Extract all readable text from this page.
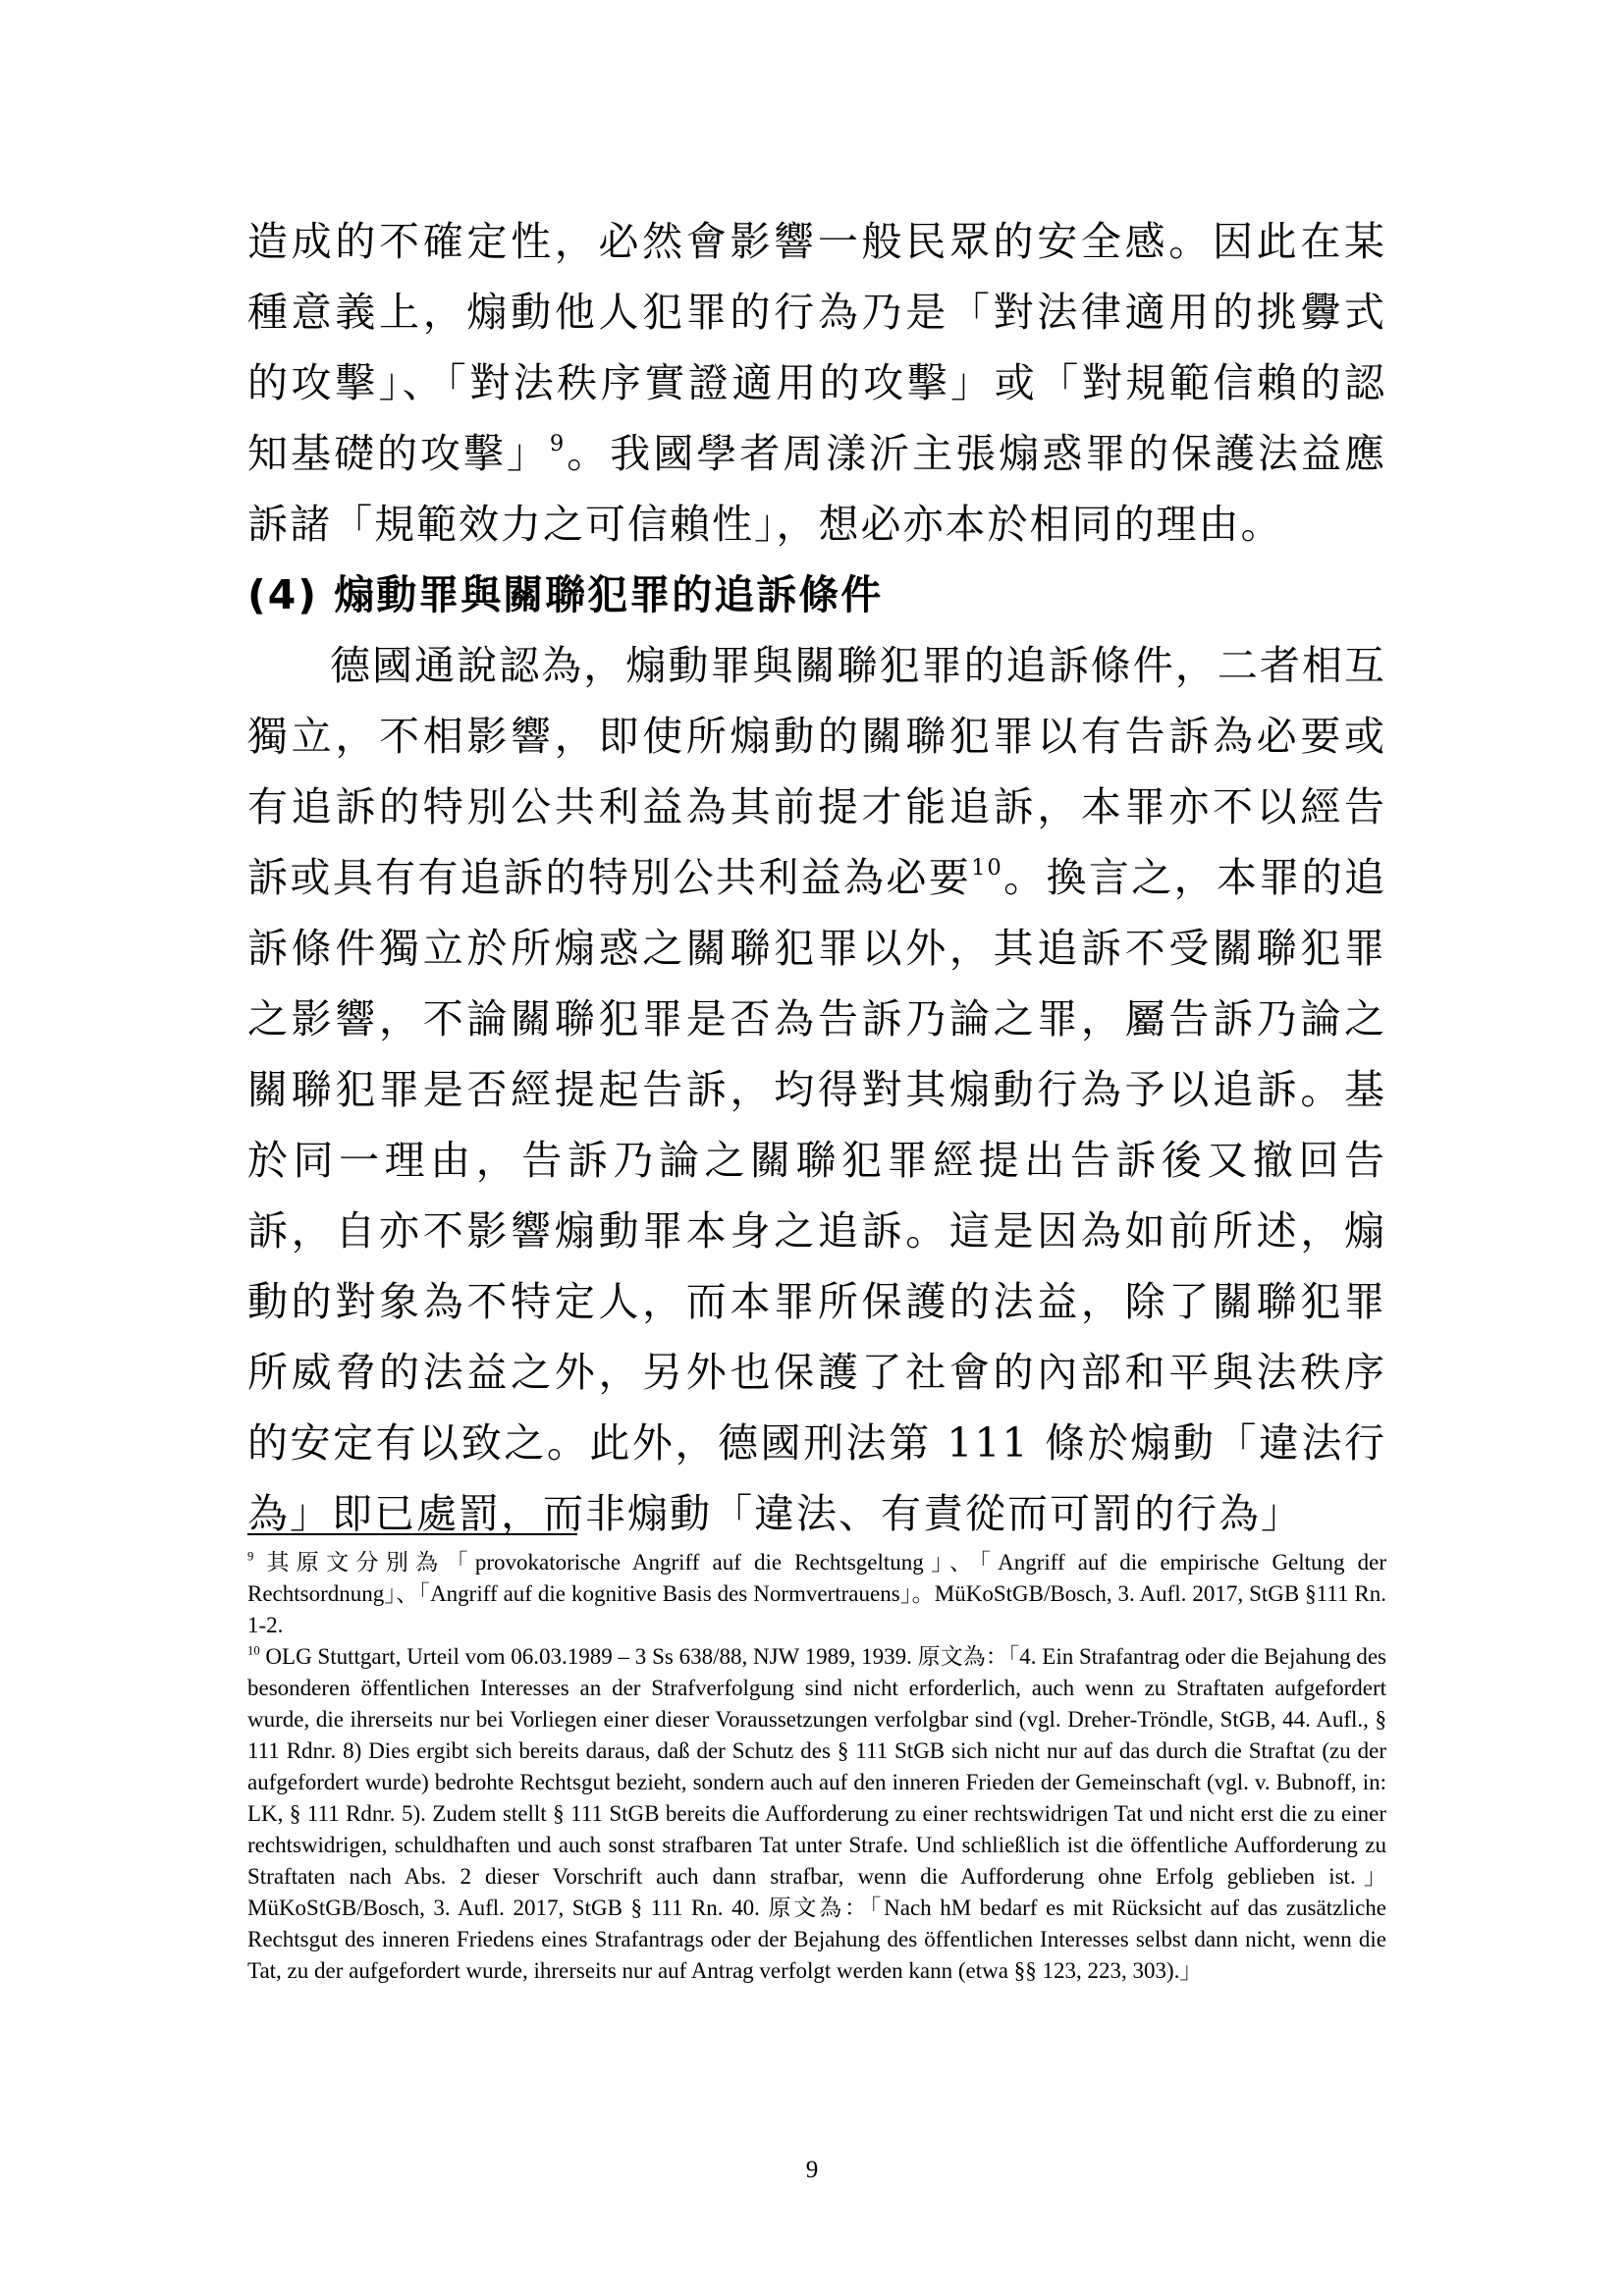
造成的不確定性，必然會影響一般民眾的安全感。因此在某種意義上，煽動他人犯罪的行為乃是「對法律適用的挑釁式的攻擊」、「對法秩序實證適用的攻擊」或「對規範信賴的認知基礎的攻擊」$^9$。我國學者周漾沂主張煽惑罪的保護法益應訴諸「規範效力之可信賴性」，想必亦本於相同的理由。

(4) 煽動罪與關聯犯罪的追訴條件

德國通說認為，煽動罪與關聯犯罪的追訴條件，二者相互獨立，不相影響，即使所煽動的關聯犯罪以有告訴為必要或有追訴的特別公共利益為其前提才能追訴，本罪亦不以經告訴或具有有追訴的特別公共利益為必要$^{10}$。換言之，本罪的追訴條件獨立於所煽惑之關聯犯罪以外，其追訴不受關聯犯罪之影響，不論關聯犯罪是否為告訴乃論之罪，屬告訴乃論之關聯犯罪是否經提起告訴，均得對其煽動行為予以追訴。基於同一理由，告訴乃論之關聯犯罪經提出告訴後又撤回告訴，自亦不影響煽動罪本身之追訴。這是因為如前所述，煽動的對象為不特定人，而本罪所保護的法益，除了關聯犯罪所威脅的法益之外，另外也保護了社會的內部和平與法秩序的安定有以致之。此外，德國刑法第 111 條於煽動「違法行為」即已處罰，而非煽動「違法、有責從而可罰的行為」

$^9$ 其原文分別為「provokatorische Angriff auf die Rechtsgeltung」、「Angriff auf die empirische Geltung der Rechtsordnung」、「Angriff auf die kognitive Basis des Normvertrauens」。MüKoStGB/Bosch, 3. Aufl. 2017, StGB §111 Rn. 1-2.

$^{10}$ OLG Stuttgart, Urteil vom 06.03.1989 – 3 Ss 638/88, NJW 1989, 1939. 原文為：「4. Ein Strafantrag oder die Bejahung des besonderen öffentlichen Interesses an der Strafverfolgung sind nicht erforderlich, auch wenn zu Straftaten aufgefordert wurde, die ihrerseits nur bei Vorliegen einer dieser Voraussetzungen verfolgbar sind (vgl. Dreher-Tröndle, StGB, 44. Aufl., § 111 Rdnr. 8) Dies ergibt sich bereits daraus, daß der Schutz des § 111 StGB sich nicht nur auf das durch die Straftat (zu der aufgefordert wurde) bedrohte Rechtsgut bezieht, sondern auch auf den inneren Frieden der Gemeinschaft (vgl. v. Bubnoff, in: LK, § 111 Rdnr. 5). Zudem stellt § 111 StGB bereits die Aufforderung zu einer rechtswidrigen Tat und nicht erst die zu einer rechtswidrigen, schuldhaften und auch sonst strafbaren Tat unter Strafe. Und schließlich ist die öffentliche Aufforderung zu Straftaten nach Abs. 2 dieser Vorschrift auch dann strafbar, wenn die Aufforderung ohne Erfolg geblieben ist.」MüKoStGB/Bosch, 3. Aufl. 2017, StGB § 111 Rn. 40. 原文為：「Nach hM bedarf es mit Rücksicht auf das zusätzliche Rechtsgut des inneren Friedens eines Strafantrags oder der Bejahung des öffentlichen Interesses selbst dann nicht, wenn die Tat, zu der aufgefordert wurde, ihrerseits nur auf Antrag verfolgt werden kann (etwa §§ 123, 223, 303).」

9
